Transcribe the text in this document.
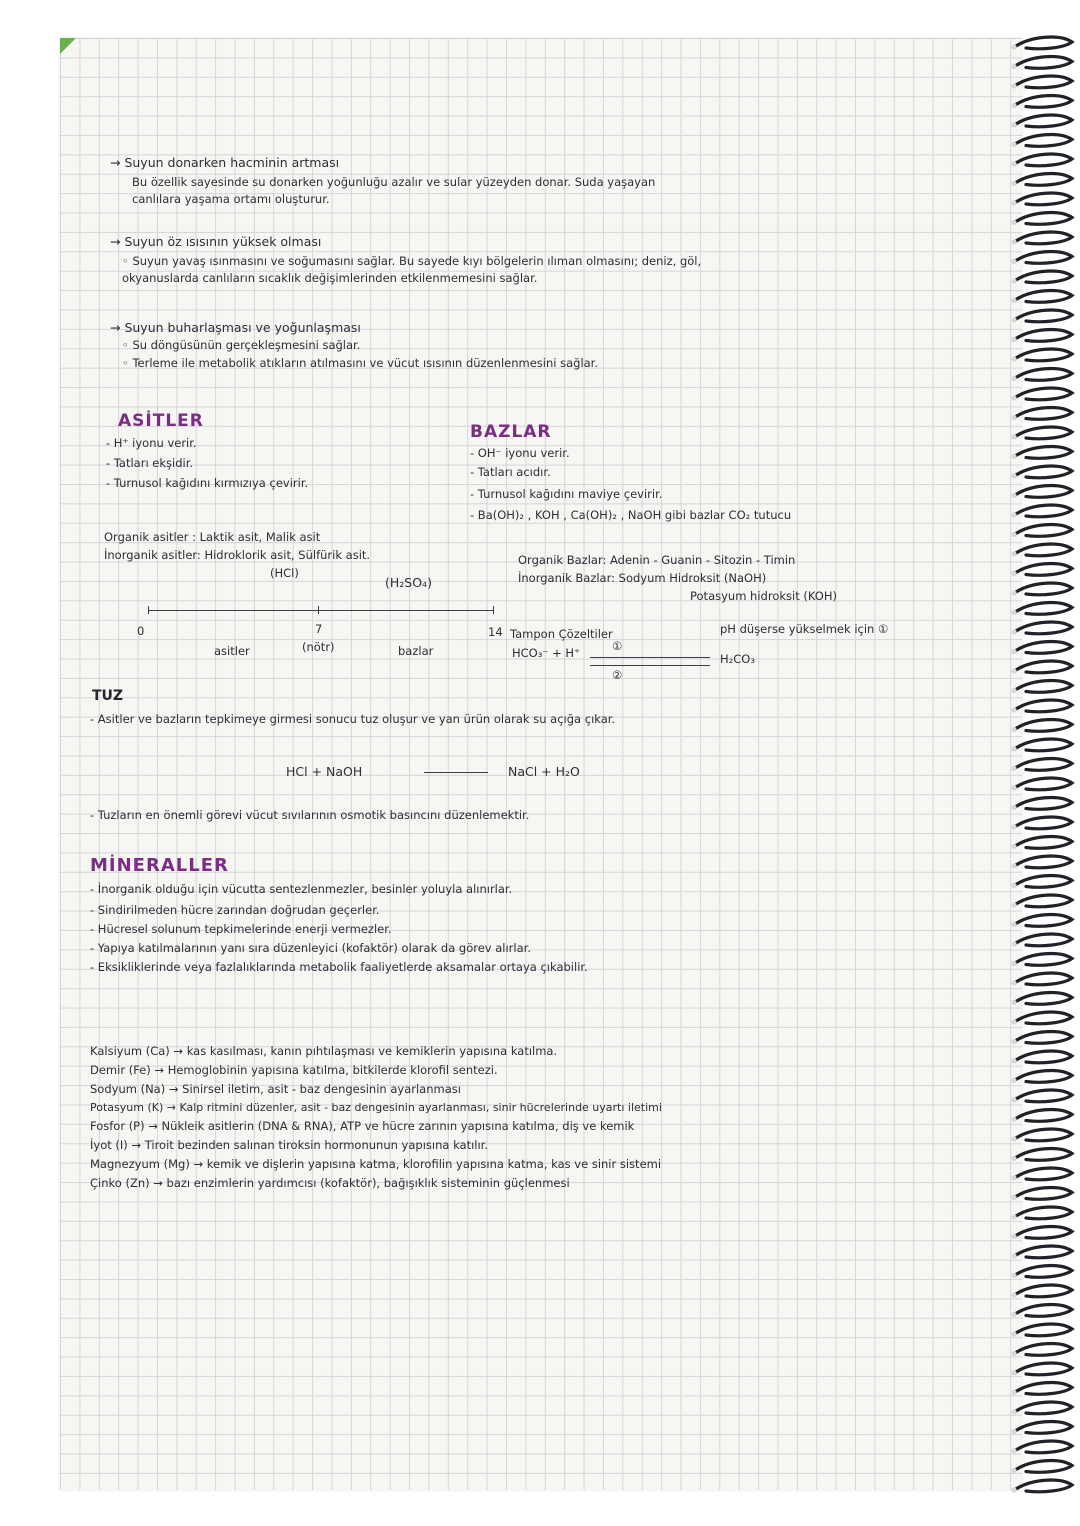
→ Suyun donarken hacminin artması
Bu özellik sayesinde su donarken yoğunluğu azalır ve sular yüzeyden donar. Suda yaşayan
canlılara yaşama ortamı oluşturur.
→ Suyun öz ısısının yüksek olması
◦ Suyun yavaş ısınmasını ve soğumasını sağlar. Bu sayede kıyı bölgelerin ılıman olmasını; deniz, göl,
okyanuslarda canlıların sıcaklık değişimlerinden etkilenmemesini sağlar.
→ Suyun buharlaşması ve yoğunlaşması
◦ Su döngüsünün gerçekleşmesini sağlar.
◦ Terleme ile metabolik atıkların atılmasını ve vücut ısısının düzenlenmesini sağlar.
ASİTLER
- H⁺ iyonu verir.
- Tatları ekşidir.
- Turnusol kağıdını kırmızıya çevirir.
BAZLAR
- OH⁻ iyonu verir.
- Tatları acıdır.
- Turnusol kağıdını maviye çevirir.
- Ba(OH)₂ , KOH , Ca(OH)₂ , NaOH gibi bazlar CO₂ tutucu
Organik asitler : Laktik asit, Malik asit
İnorganik asitler: Hidroklorik asit, Sülfürik asit.
(HCl)
(H₂SO₄)
Organik Bazlar: Adenin - Guanin - Sitozin - Timin
İnorganik Bazlar: Sodyum Hidroksit (NaOH)
Potasyum hidroksit (KOH)
0	7	14
asitler	(nötr)	bazlar
Tampon Çözeltiler	pH düşerse yükselmek için ①
HCO₃⁻ + H⁺	①
②
H₂CO₃
TUZ
- Asitler ve bazların tepkimeye girmesi sonucu tuz oluşur ve yan ürün olarak su açığa çıkar.
HCl + NaOH	NaCl + H₂O
- Tuzların en önemli görevi vücut sıvılarının osmotik basıncını düzenlemektir.
MİNERALLER
- İnorganik olduğu için vücutta sentezlenmezler, besinler yoluyla alınırlar.
- Sindirilmeden hücre zarından doğrudan geçerler.
- Hücresel solunum tepkimelerinde enerji vermezler.
- Yapıya katılmalarının yanı sıra düzenleyici (kofaktör) olarak da görev alırlar.
- Eksikliklerinde veya fazlalıklarında metabolik faaliyetlerde aksamalar ortaya çıkabilir.
Kalsiyum (Ca) → kas kasılması, kanın pıhtılaşması ve kemiklerin yapısına katılma.
Demir (Fe) → Hemoglobinin yapısına katılma, bitkilerde klorofil sentezi.
Sodyum (Na) → Sinirsel iletim, asit - baz dengesinin ayarlanması
Potasyum (K) → Kalp ritmini düzenler, asit - baz dengesinin ayarlanması, sinir hücrelerinde uyartı iletimi
Fosfor (P) → Nükleik asitlerin (DNA & RNA), ATP ve hücre zarının yapısına katılma, diş ve kemik
İyot (I) → Tiroit bezinden salınan tiroksin hormonunun yapısına katılır.
Magnezyum (Mg) → kemik ve dişlerin yapısına katma, klorofilin yapısına katma, kas ve sinir sistemi
Çinko (Zn) → bazı enzimlerin yardımcısı (kofaktör), bağışıklık sisteminin güçlenmesi
